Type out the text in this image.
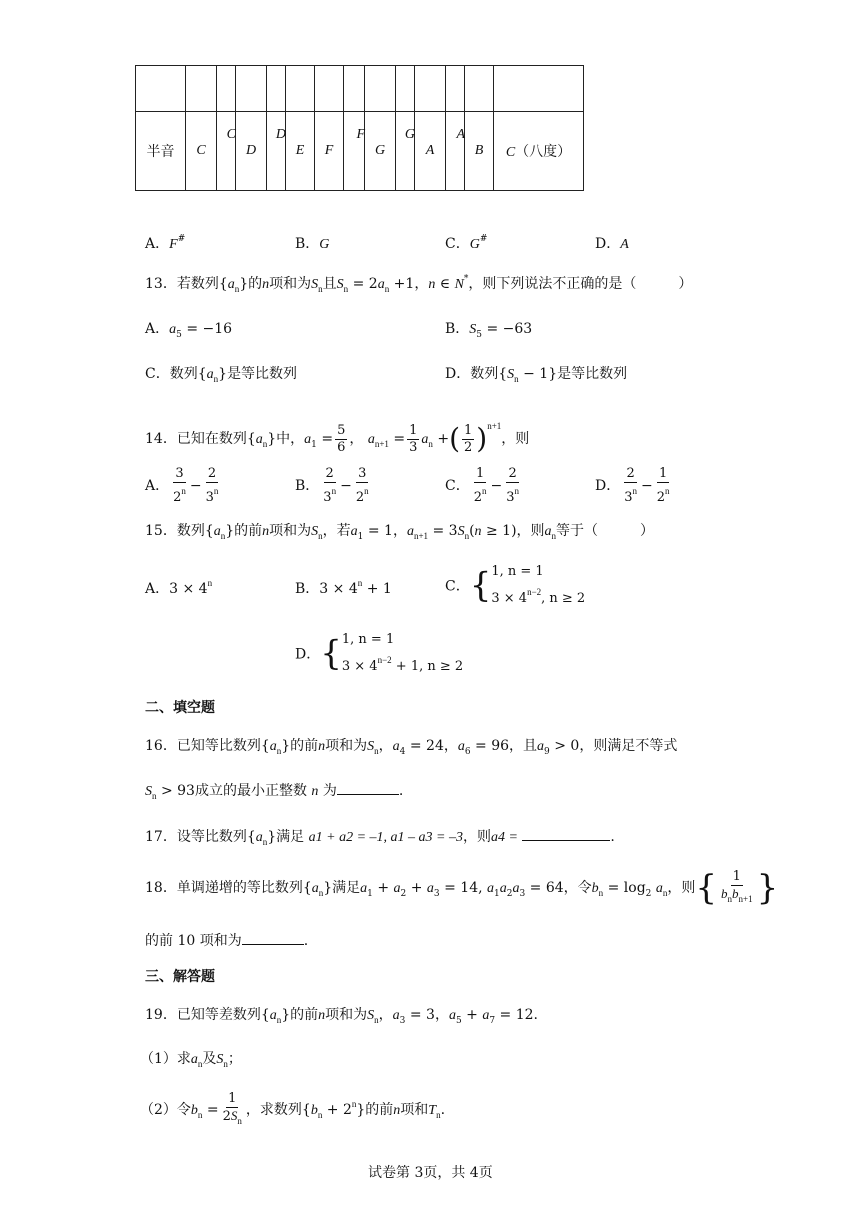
半音	C	C	D	D	E	F	F	G	G	A	A	B	C（八度）
A．F#	B．G	C．G#	D．A
13．若数列$\{a_n\}$的n项和为$S_n$且$S_n = 2a_n +1$，n ∈ N*，则下列说法不正确的是（　　　）
A．$a_5 = -16$	B．$S_5 = -63$
C．数列$\{a_n\}$是等比数列	D．数列$\{S_n - 1\}$是等比数列
14．已知在数列$\{a_n\}$中，$a_1 = \frac{5}{6}$ ， $a_{n+1} = \frac{1}{3} a_n$ +( $\frac{1}{2} )^{n+1}$，则
A． $\frac{3}{2^n} - \frac{2}{3^n}$	B． $\frac{2}{3^n} - \frac{3}{2^n}$	C． $\frac{1}{2^n} - \frac{2}{3^n}$	D． $\frac{2}{3^n} - \frac{1}{2^n}$
15．数列$\{a_n\}$的前n项和为$S_n$，若$a_1 = 1$，$a_{n+1} = 3S_n(n \ge 1)$，则$a_n$等于（　　　）
A．$3 \times 4^n$	B．$3 \times 4^n + 1$	C．{ 1, n = 1
$3 \times 4^{n-2}$, n ≥ 2
D．{ 1, n = 1
$3 \times 4^{n-2} + 1$, n ≥ 2
二、填空题
16．已知等比数列$\{a_n\}$的前n项和为$S_n$，$a_4 = 24$，$a_6 = 96$，且$a_9 > 0$，则满足不等式
$S_n > 93$成立的最小正整数 n 为	.
17．设等比数列$\{a_n\}$满足 a1 + a2 = –1, a1 – a3 = –3，则a4 =	.
18．单调递增的等比数列$\{a_n\}$满足$a_1 + a_2 + a_3 = 14$, $a_1a_2a_3 = 64$，令$b_n = \log_2 a_n$，则{ $\frac{1}{b_nb_{n+1}}$ }
的前 10 项和为	.
三、解答题
19．已知等差数列$\{a_n\}$的前n项和为$S_n$，$a_3 = 3$，$a_5 + a_7 = 12$.
（1）求$a_n$及$S_n$；
（2）令$b_n = \frac{1}{2S_n}$ ，求数列$\{b_n + 2^n\}$的前n项和$T_n$.
试卷第 3页，共 4页
